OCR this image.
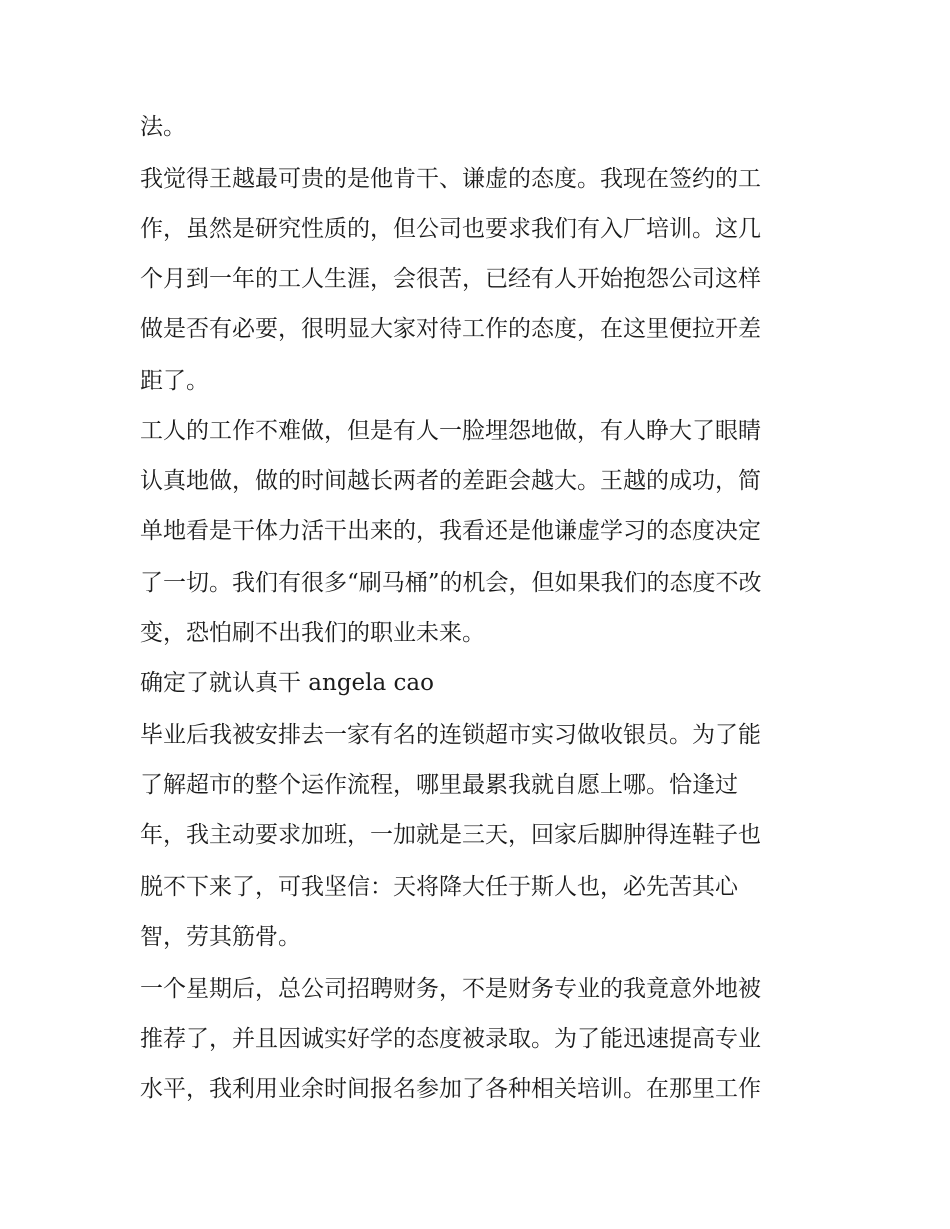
法。

我觉得王越最可贵的是他肯干、谦虚的态度。我现在签约的工

作，虽然是研究性质的，但公司也要求我们有入厂培训。这几

个月到一年的工人生涯，会很苦，已经有人开始抱怨公司这样

做是否有必要，很明显大家对待工作的态度，在这里便拉开差

距了。

工人的工作不难做，但是有人一脸埋怨地做，有人睁大了眼睛

认真地做，做的时间越长两者的差距会越大。王越的成功，简

单地看是干体力活干出来的，我看还是他谦虚学习的态度决定

了一切。我们有很多“刷马桶”的机会，但如果我们的态度不改

变，恐怕刷不出我们的职业未来。

确定了就认真干 angela cao

毕业后我被安排去一家有名的连锁超市实习做收银员。为了能

了解超市的整个运作流程，哪里最累我就自愿上哪。恰逢过

年，我主动要求加班，一加就是三天，回家后脚肿得连鞋子也

脱不下来了，可我坚信：天将降大任于斯人也，必先苦其心

智，劳其筋骨。

一个星期后，总公司招聘财务，不是财务专业的我竟意外地被

推荐了，并且因诚实好学的态度被录取。为了能迅速提高专业

水平，我利用业余时间报名参加了各种相关培训。在那里工作
